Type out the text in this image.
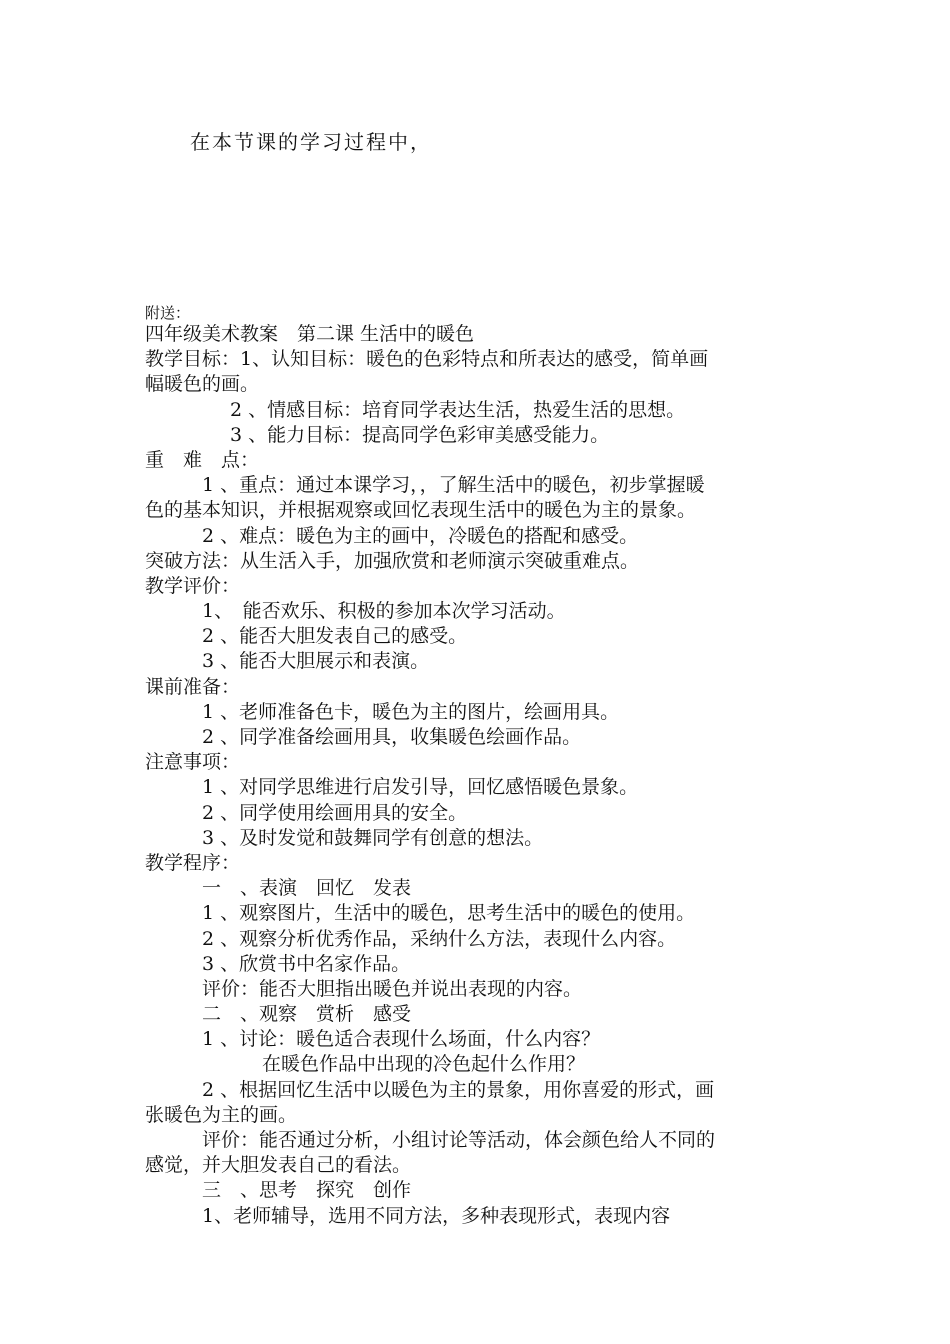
在本节课的学习过程中，
附送：
四年级美术教案　第二课 生活中的暖色
教学目标：1、认知目标：暖色的色彩特点和所表达的感受，简单画
幅暖色的画。
2 、情感目标：培育同学表达生活，热爱生活的思想。
3 、能力目标：提高同学色彩审美感受能力。
重　难　点：
1 、重点：通过本课学习，，了解生活中的暖色，初步掌握暖
色的基本知识，并根据观察或回忆表现生活中的暖色为主的景象。
2 、难点：暖色为主的画中，冷暖色的搭配和感受。
突破方法：从生活入手，加强欣赏和老师演示突破重难点。
教学评价：
1、　能否欢乐、积极的参加本次学习活动。
2 、能否大胆发表自己的感受。
3 、能否大胆展示和表演。
课前准备：
1 、老师准备色卡，暖色为主的图片，绘画用具。
2 、同学准备绘画用具，收集暖色绘画作品。
注意事项：
1 、对同学思维进行启发引导，回忆感悟暖色景象。
2 、同学使用绘画用具的安全。
3 、及时发觉和鼓舞同学有创意的想法。
教学程序：
一　、表演　回忆　发表
1 、观察图片，生活中的暖色，思考生活中的暖色的使用。
2 、观察分析优秀作品，采纳什么方法，表现什么内容。
3 、欣赏书中名家作品。
评价：能否大胆指出暖色并说出表现的内容。
二　、观察　赏析　感受
1 、讨论：暖色适合表现什么场面，什么内容？
在暖色作品中出现的冷色起什么作用？
2 、根据回忆生活中以暖色为主的景象，用你喜爱的形式，画
张暖色为主的画。
评价：能否通过分析，小组讨论等活动，体会颜色给人不同的
感觉，并大胆发表自己的看法。
三　、思考　探究　创作
1、老师辅导，选用不同方法，多种表现形式，表现内容
